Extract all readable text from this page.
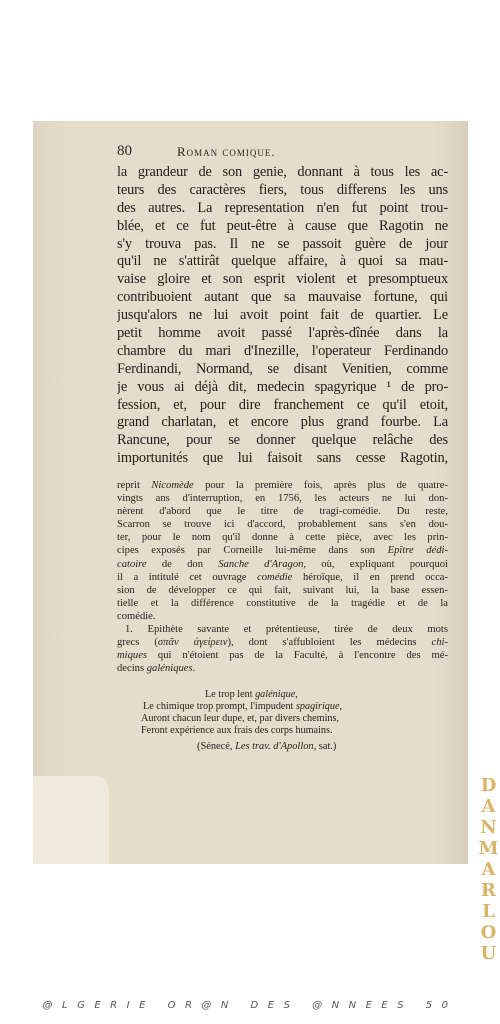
80	Roman comique.
la grandeur de son genie, donnant à tous les ac-
teurs des caractères fiers, tous differens les uns
des autres. La representation n'en fut point trou-
blée, et ce fut peut-être à cause que Ragotin ne
s'y trouva pas. Il ne se passoit guère de jour
qu'il ne s'attirât quelque affaire, à quoi sa mau-
vaise gloire et son esprit violent et presomptueux
contribuoient autant que sa mauvaise fortune, qui
jusqu'alors ne lui avoit point fait de quartier. Le
petit homme avoit passé l'après-dînée dans la
chambre du mari d'Inezille, l'operateur Ferdinando
Ferdinandi, Normand, se disant Venitien, comme
je vous ai déjà dit, medecin spagyrique ¹ de pro-
fession, et, pour dire franchement ce qu'il etoit,
grand charlatan, et encore plus grand fourbe. La
Rancune, pour se donner quelque relâche des
importunités que lui faisoit sans cesse Ragotin,
reprit Nicomède pour la première fois, après plus de quatre-
vingts ans d'interruption, en 1756, les acteurs ne lui don-
nèrent d'abord que le titre de tragi-comédie. Du reste,
Scarron se trouve ici d'accord, probablement sans s'en dou-
ter, pour le nom qu'il donne à cette pièce, avec les prin-
cipes exposés par Corneille lui-même dans son Epître dédi-
catoire de don Sanche d'Aragon, où, expliquant pourquoi
il a intitulé cet ouvrage comédie héroïque, il en prend occa-
sion de développer ce qui fait, suivant lui, la base essen-
tielle et la différence constitutive de la tragédie et de la
comédie.
1. Epithète savante et prétentieuse, tirée de deux mots
grecs (σπᾶν ἀγείρειν), dont s'affubloient les médecins chi-
miques qui n'étoient pas de la Faculté, à l'encontre des mé-
decins galéniques.
Le trop lent galénique,
Le chimique trop prompt, l'impudent spagirique,
Auront chacun leur dupe, et, par divers chemins,
Feront expérience aux frais des corps humains.
(Sénecé, Les trav. d'Apollon, sat.)
DANMARLOU
@LGERIE OR@N DES @NNEES 50
